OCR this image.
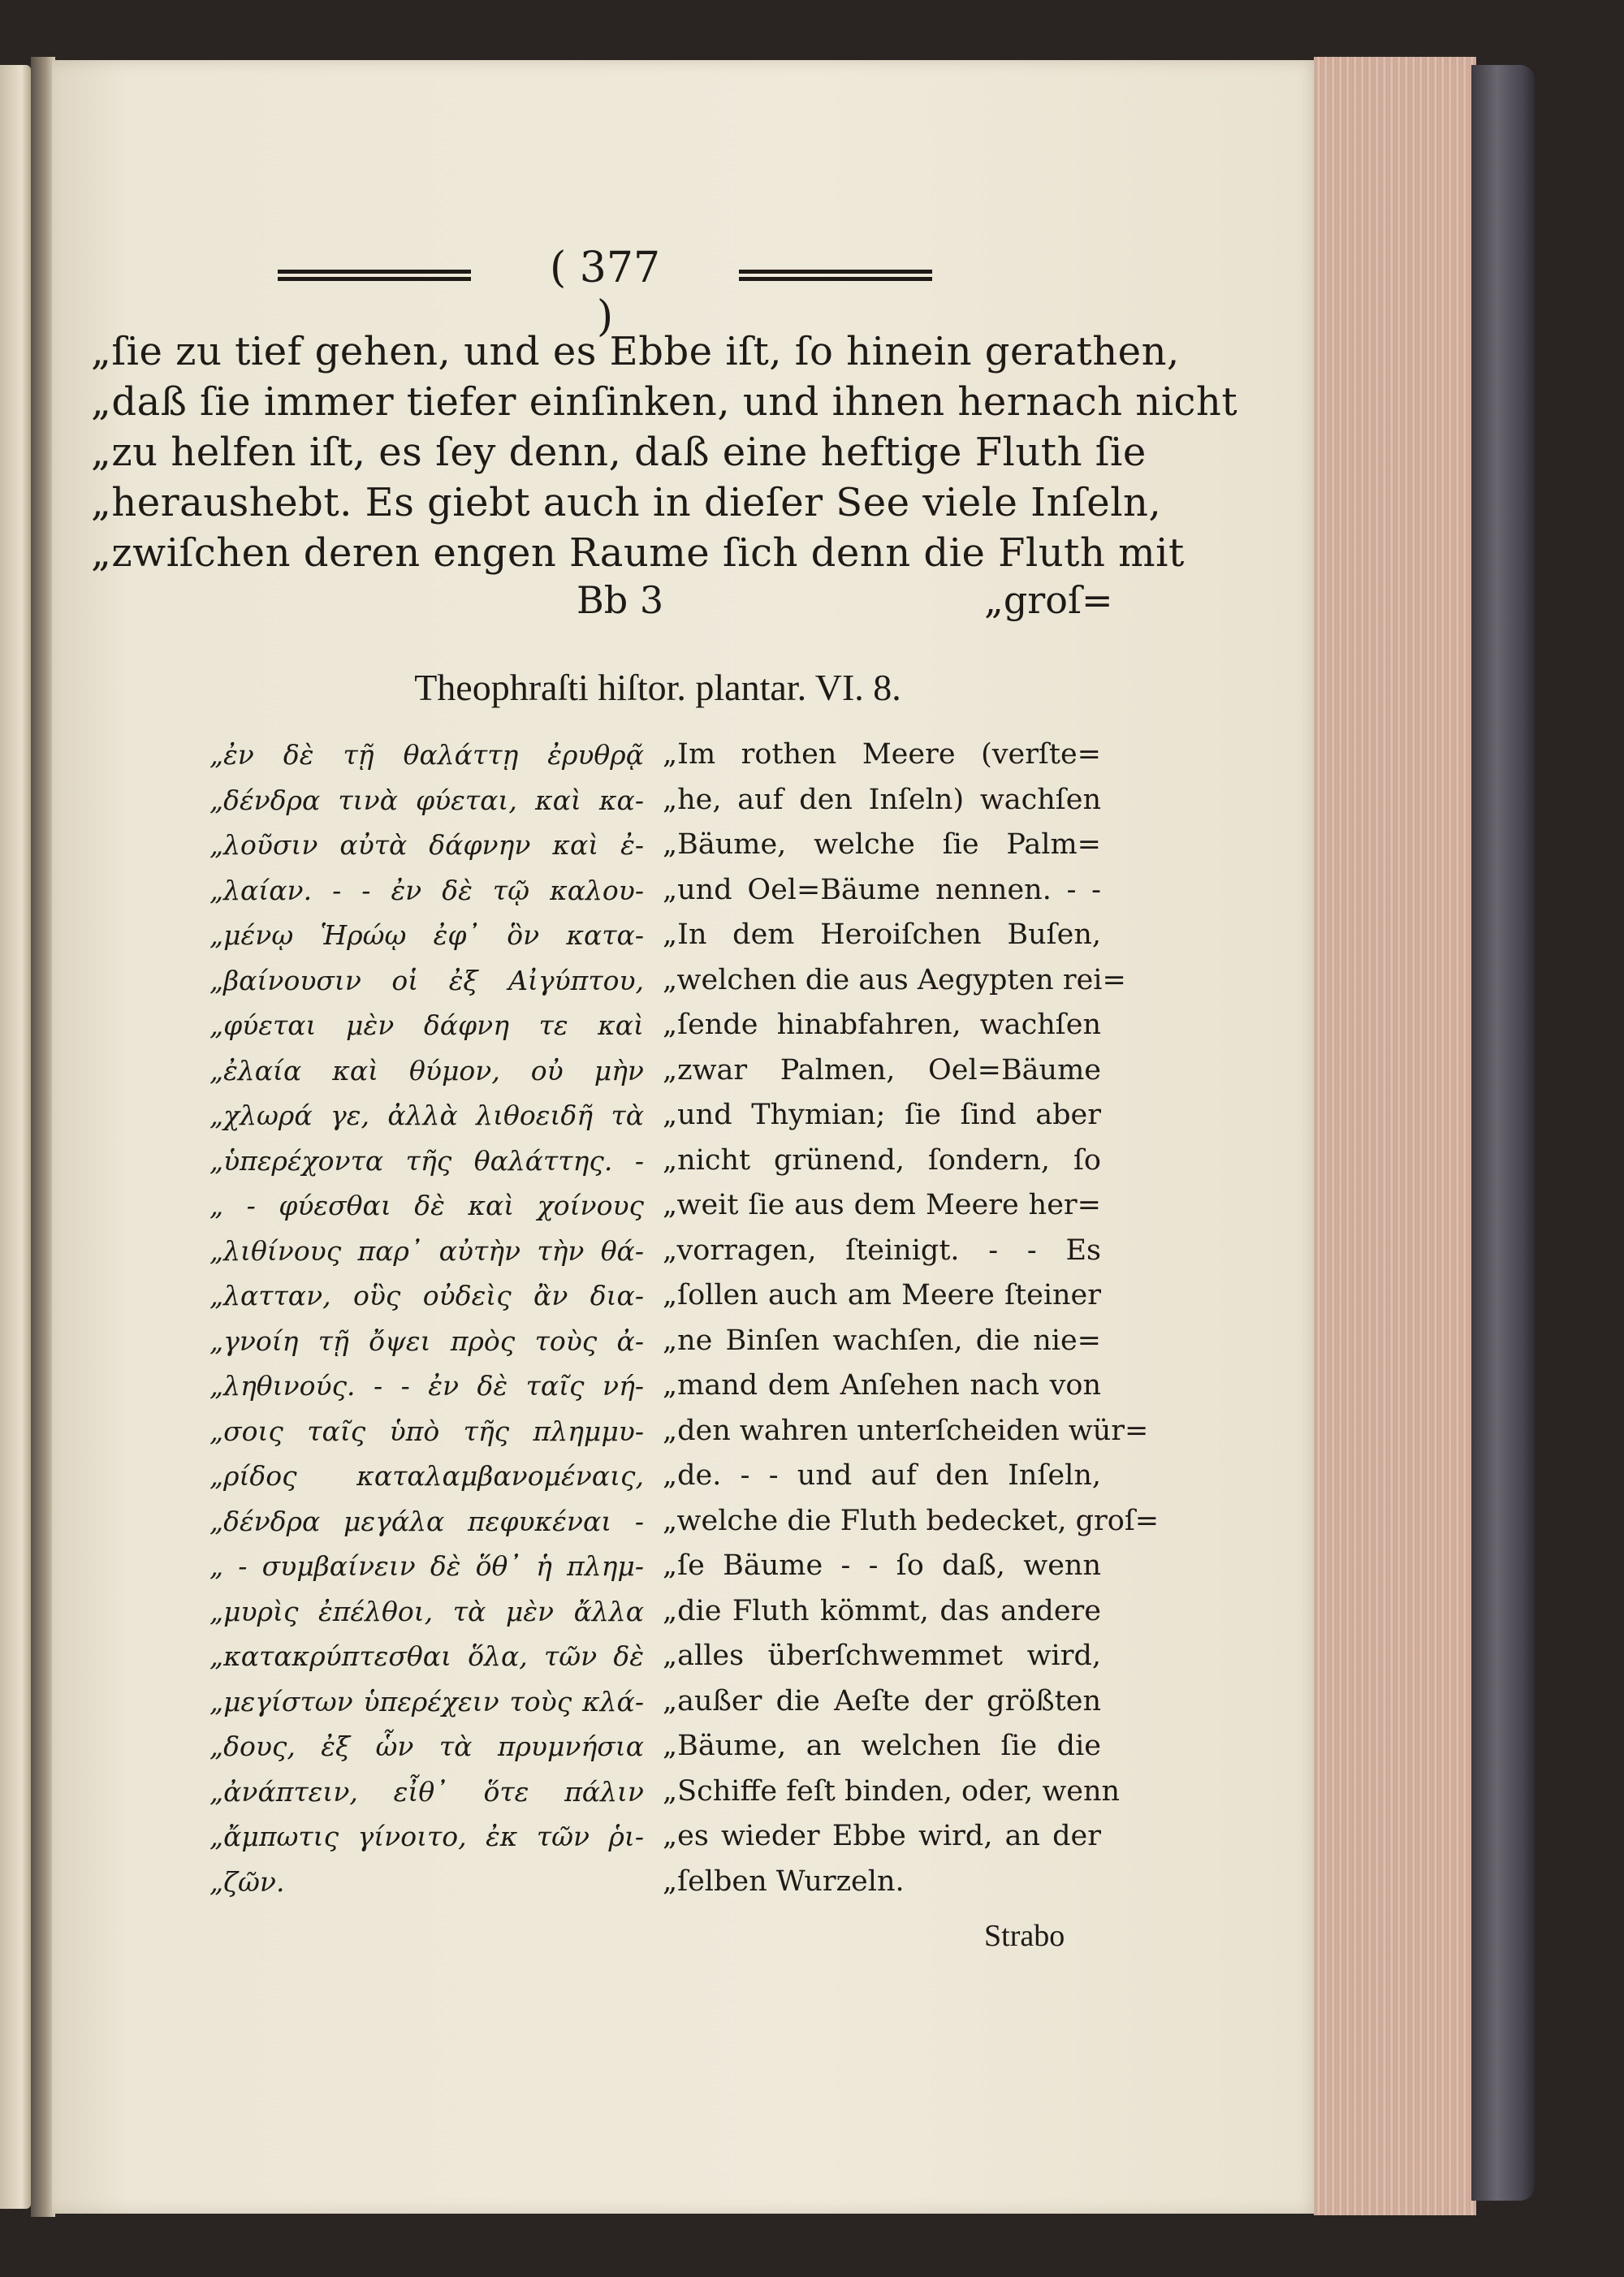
( 377 )
„ſie zu tief gehen, und es Ebbe iſt, ſo hinein gerathen,
„daß ſie immer tiefer einſinken, und ihnen hernach nicht
„zu helfen iſt, es ſey denn, daß eine heftige Fluth ſie
„heraushebt. Es giebt auch in dieſer See viele Inſeln,
„zwiſchen deren engen Raume ſich denn die Fluth mit
Bb 3	„groſ=
Theophraſti hiſtor. plantar. VI. 8.
„ἐν δὲ τῇ θαλάττῃ ἐρυθρᾷ
„δένδρα τινὰ φύεται, καὶ κα-
„λοῦσιν αὐτὰ δάφνην καὶ ἐ-
„λαίαν. - - ἐν δὲ τῷ καλου-
„μένῳ Ἡρώῳ ἐφ᾽ ὃν κατα-
„βαίνουσιν οἱ ἐξ Αἰγύπτου,
„φύεται μὲν δάφνη τε καὶ
„ἐλαία καὶ θύμον, οὐ μὴν
„χλωρά γε, ἀλλὰ λιθοειδῆ τὰ
„ὑπερέχοντα τῆς θαλάττης. -
„ - φύεσθαι δὲ καὶ χοίνους
„λιθίνους παρ᾽ αὐτὴν τὴν θά-
„λατταν, οὓς οὐδεὶς ἂν δια-
„γνοίη τῇ ὄψει πρὸς τοὺς ἀ-
„ληθινούς. - - ἐν δὲ ταῖς νή-
„σοις ταῖς ὑπὸ τῆς πλημμυ-
„ρίδος καταλαμβανομέναις,
„δένδρα μεγάλα πεφυκέναι -
„ - συμβαίνειν δὲ ὅθ᾽ ἡ πλημ-
„μυρὶς ἐπέλθοι, τὰ μὲν ἄλλα
„κατακρύπτεσθαι ὅλα, τῶν δὲ
„μεγίστων ὑπερέχειν τοὺς κλά-
„δους, ἐξ ὧν τὰ πρυμνήσια
„ἀνάπτειν, εἶθ᾽ ὅτε πάλιν
„ἄμπωτις γίνοιτο, ἐκ τῶν ῥι-
„ζῶν.
„Im rothen Meere (verſte=
„he, auf den Inſeln) wachſen
„Bäume, welche ſie Palm=
„und Oel=Bäume nennen. - -
„In dem Heroiſchen Buſen,
„welchen die aus Aegypten rei=
„ſende hinabfahren, wachſen
„zwar Palmen, Oel=Bäume
„und Thymian; ſie ſind aber
„nicht grünend, ſondern, ſo
„weit ſie aus dem Meere her=
„vorragen, ſteinigt. - - Es
„ſollen auch am Meere ſteiner
„ne Binſen wachſen, die nie=
„mand dem Anſehen nach von
„den wahren unterſcheiden wür=
„de. - - und auf den Inſeln,
„welche die Fluth bedecket, groſ=
„ſe Bäume - - ſo daß, wenn
„die Fluth kömmt, das andere
„alles überſchwemmet wird,
„außer die Aeſte der größten
„Bäume, an welchen ſie die
„Schiffe feſt binden, oder, wenn
„es wieder Ebbe wird, an der
„ſelben Wurzeln.
Strabo
